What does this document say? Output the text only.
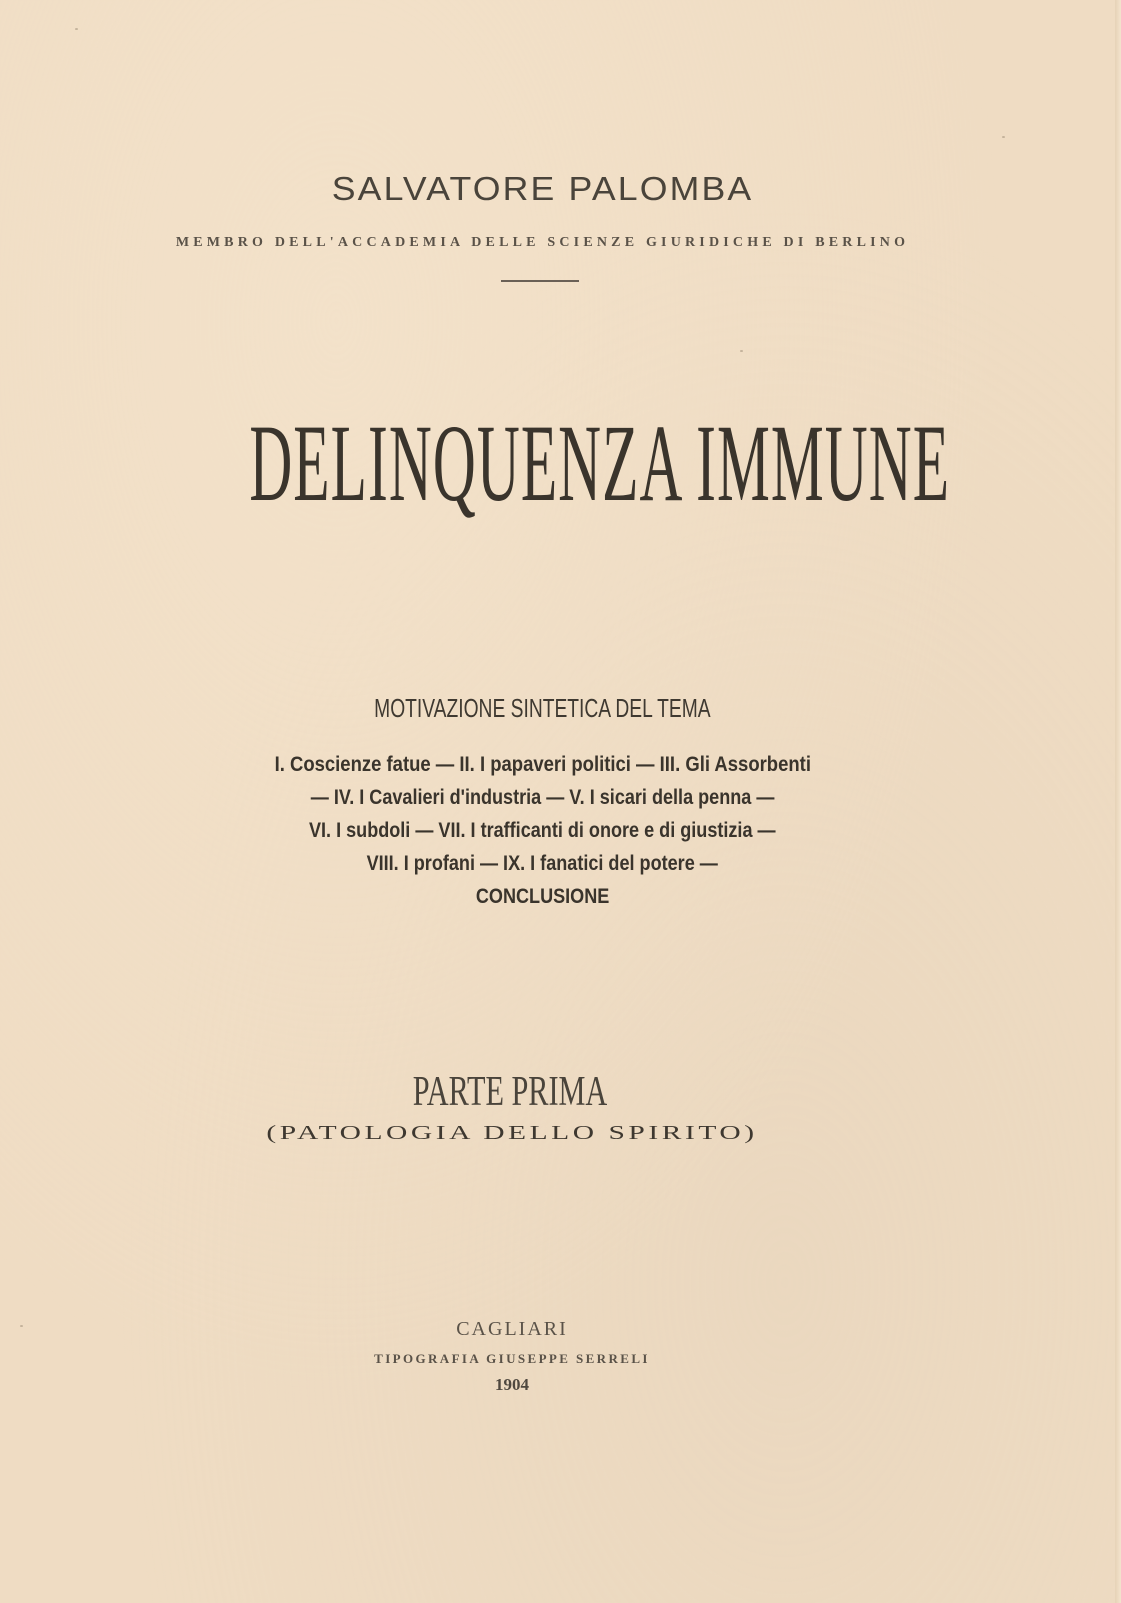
SALVATORE PALOMBA
MEMBRO DELL'ACCADEMIA DELLE SCIENZE GIURIDICHE DI BERLINO
DELINQUENZA IMMUNE
MOTIVAZIONE SINTETICA DEL TEMA
I. Coscienze fatue — II. I papaveri politici — III. Gli Assorbenti
— IV. I Cavalieri d'industria — V. I sicari della penna —
VI. I subdoli — VII. I trafficanti di onore e di giustizia —
VIII. I profani — IX. I fanatici del potere —
CONCLUSIONE
PARTE PRIMA
(PATOLOGIA DELLO SPIRITO)
CAGLIARI
TIPOGRAFIA GIUSEPPE SERRELI
1904
